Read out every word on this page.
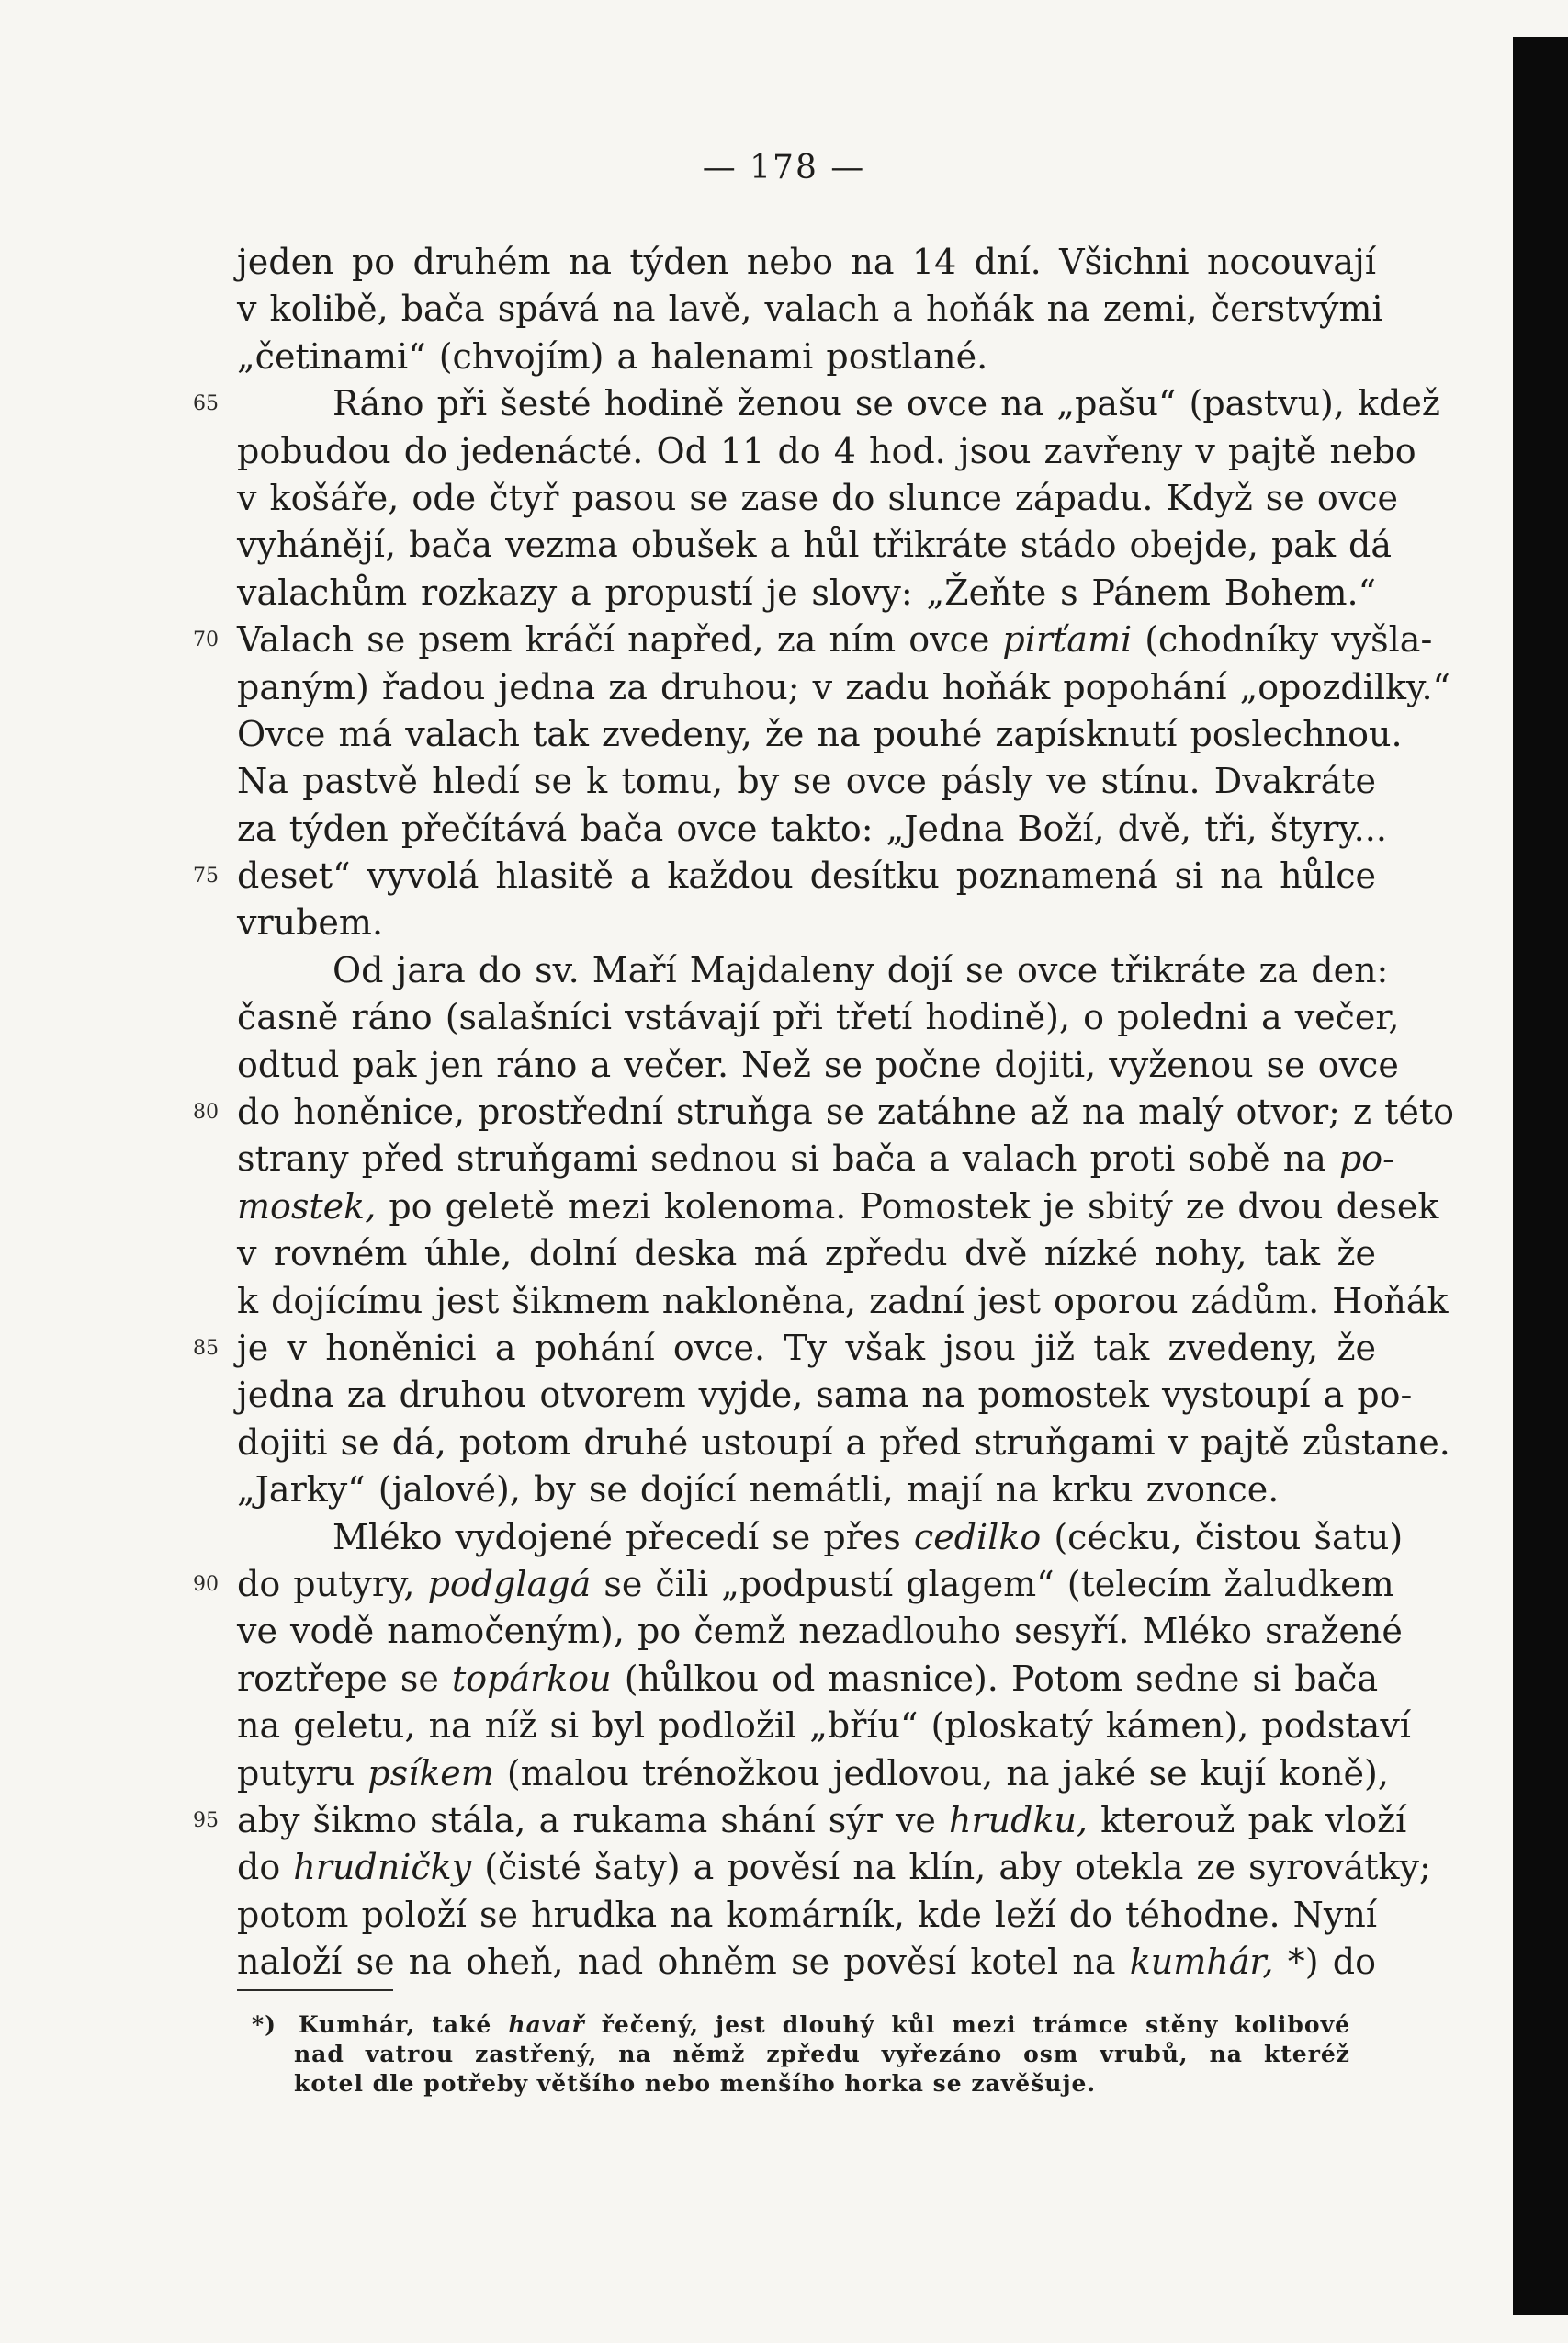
— 178 —
jeden po druhém na týden nebo na 14 dní. Všichni nocouvají
v kolibě, bača spává na lavě, valach a hoňák na zemi, čerstvými
„četinami“ (chvojím) a halenami postlané.
65	Ráno při šesté hodině ženou se ovce na „pašu“ (pastvu), kdež
pobudou do jedenácté. Od 11 do 4 hod. jsou zavřeny v pajtě nebo
v košáře, ode čtyř pasou se zase do slunce západu. Když se ovce
vyhánějí, bača vezma obušek a hůl třikráte stádo obejde, pak dá
valachům rozkazy a propustí je slovy: „Žeňte s Pánem Bohem.“
70 Valach se psem kráčí napřed, za ním ovce pirťami (chodníky vyšla-
paným) řadou jedna za druhou; v zadu hoňák popohání „opozdilky.“
Ovce má valach tak zvedeny, že na pouhé zapísknutí poslechnou.
Na pastvě hledí se k tomu, by se ovce pásly ve stínu. Dvakráte
za týden přečítává bača ovce takto: „Jedna Boží, dvě, tři, štyry...
75 deset“ vyvolá hlasitě a každou desítku poznamená si na hůlce
vrubem.
Od jara do sv. Maří Majdaleny dojí se ovce třikráte za den:
časně ráno (salašníci vstávají při třetí hodině), o poledni a večer,
odtud pak jen ráno a večer. Než se počne dojiti, vyženou se ovce
80 do honěnice, prostřední struňga se zatáhne až na malý otvor; z této
strany před struňgami sednou si bača a valach proti sobě na po-
mostek, po geletě mezi kolenoma. Pomostek je sbitý ze dvou desek
v rovném úhle, dolní deska má zpředu dvě nízké nohy, tak že
k dojícímu jest šikmem nakloněna, zadní jest oporou zádům. Hoňák
85 je v honěnici a pohání ovce. Ty však jsou již tak zvedeny, že
jedna za druhou otvorem vyjde, sama na pomostek vystoupí a po-
dojiti se dá, potom druhé ustoupí a před struňgami v pajtě zůstane.
„Jarky“ (jalové), by se dojící nemátli, mají na krku zvonce.
Mléko vydojené přecedí se přes cedilko (cécku, čistou šatu)
90 do putyry, podglagá se čili „podpustí glagem“ (telecím žaludkem
ve vodě namočeným), po čemž nezadlouho sesyří. Mléko sražené
roztřepe se topárkou (hůlkou od masnice). Potom sedne si bača
na geletu, na níž si byl podložil „bříu“ (ploskatý kámen), podstaví
putyru psíkem (malou trénožkou jedlovou, na jaké se kují koně),
95 aby šikmo stála, a rukama shání sýr ve hrudku, kterouž pak vloží
do hrudničky (čisté šaty) a pověsí na klín, aby otekla ze syrovátky;
potom položí se hrudka na komárník, kde leží do téhodne. Nyní
naloží se na oheň, nad ohněm se pověsí kotel na kumhár, *) do
*) Kumhár, také havař řečený, jest dlouhý kůl mezi trámce stěny kolibové
nad vatrou zastřený, na němž zpředu vyřezáno osm vrubů, na kteréž
kotel dle potřeby většího nebo menšího horka se zavěšuje.
